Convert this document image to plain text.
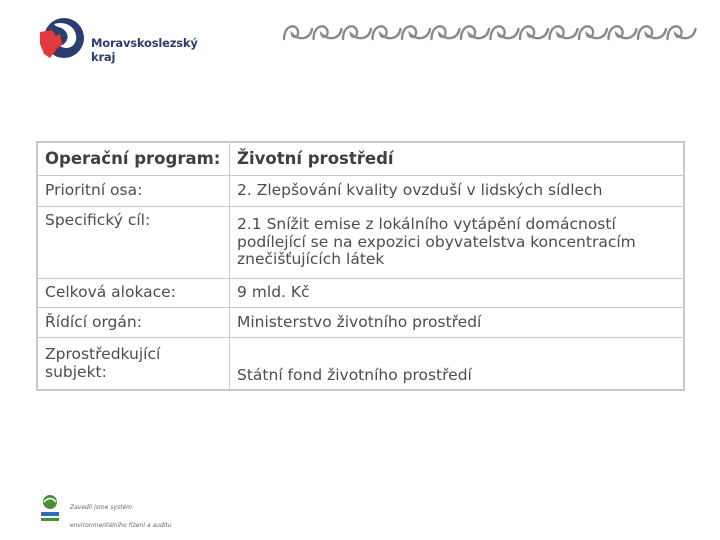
Moravskoslezský
kraj
Operační program:	Životní prostředí
Prioritní osa:	2. Zlepšování kvality ovzduší v lidských sídlech
Specifický cíl:	2.1 Snížit emise z lokálního vytápění domácností
podílející se na expozici obyvatelstva koncentracím
znečišťujících látek

Celková alokace:	9 mld. Kč
Řídící orgán:	Ministerstvo životního prostředí

Zprostředkující
subjekt:	Státní fond životního prostředí
Zavedli jsme systém
environmentálního řízení a auditu
